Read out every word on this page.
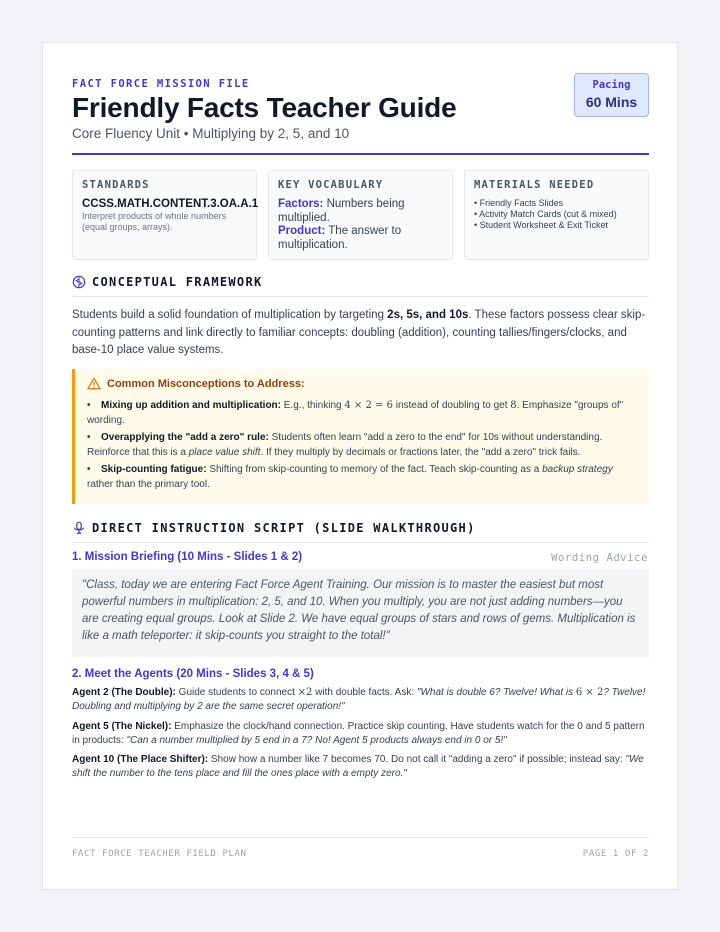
FACT FORCE MISSION FILE
Friendly Facts Teacher Guide
Core Fluency Unit • Multiplying by 2, 5, and 10
Pacing
60 Mins
STANDARDS
CCSS.MATH.CONTENT.3.OA.A.1
Interpret products of whole numbers (equal groups, arrays).
KEY VOCABULARY
Factors: Numbers being multiplied.
Product: The answer to multiplication.
MATERIALS NEEDED
• Friendly Facts Slides
• Activity Match Cards (cut & mixed)
• Student Worksheet & Exit Ticket
CONCEPTUAL FRAMEWORK
Students build a solid foundation of multiplication by targeting 2s, 5s, and 10s. These factors possess clear skip-counting patterns and link directly to familiar concepts: doubling (addition), counting tallies/fingers/clocks, and base-10 place value systems.
Common Misconceptions to Address:
• Mixing up addition and multiplication: E.g., thinking 4 × 2 = 6 instead of doubling to get 8. Emphasize "groups of" wording.
• Overapplying the "add a zero" rule: Students often learn "add a zero to the end" for 10s without understanding. Reinforce that this is a place value shift. If they multiply by decimals or fractions later, the "add a zero" trick fails.
• Skip-counting fatigue: Shifting from skip-counting to memory of the fact. Teach skip-counting as a backup strategy rather than the primary tool.
DIRECT INSTRUCTION SCRIPT (SLIDE WALKTHROUGH)
1. Mission Briefing (10 Mins - Slides 1 & 2)	Wording Advice
"Class, today we are entering Fact Force Agent Training. Our mission is to master the easiest but most powerful numbers in multiplication: 2, 5, and 10. When you multiply, you are not just adding numbers—you are creating equal groups. Look at Slide 2. We have equal groups of stars and rows of gems. Multiplication is like a math teleporter: it skip-counts you straight to the total!"
2. Meet the Agents (20 Mins - Slides 3, 4 & 5)
Agent 2 (The Double): Guide students to connect ×2 with double facts. Ask: "What is double 6? Twelve! What is 6 × 2? Twelve! Doubling and multiplying by 2 are the same secret operation!"
Agent 5 (The Nickel): Emphasize the clock/hand connection. Practice skip counting. Have students watch for the 0 and 5 pattern in products: "Can a number multiplied by 5 end in a 7? No! Agent 5 products always end in 0 or 5!"
Agent 10 (The Place Shifter): Show how a number like 7 becomes 70. Do not call it "adding a zero" if possible; instead say: "We shift the number to the tens place and fill the ones place with a empty zero."
FACT FORCE TEACHER FIELD PLAN	PAGE 1 OF 2
